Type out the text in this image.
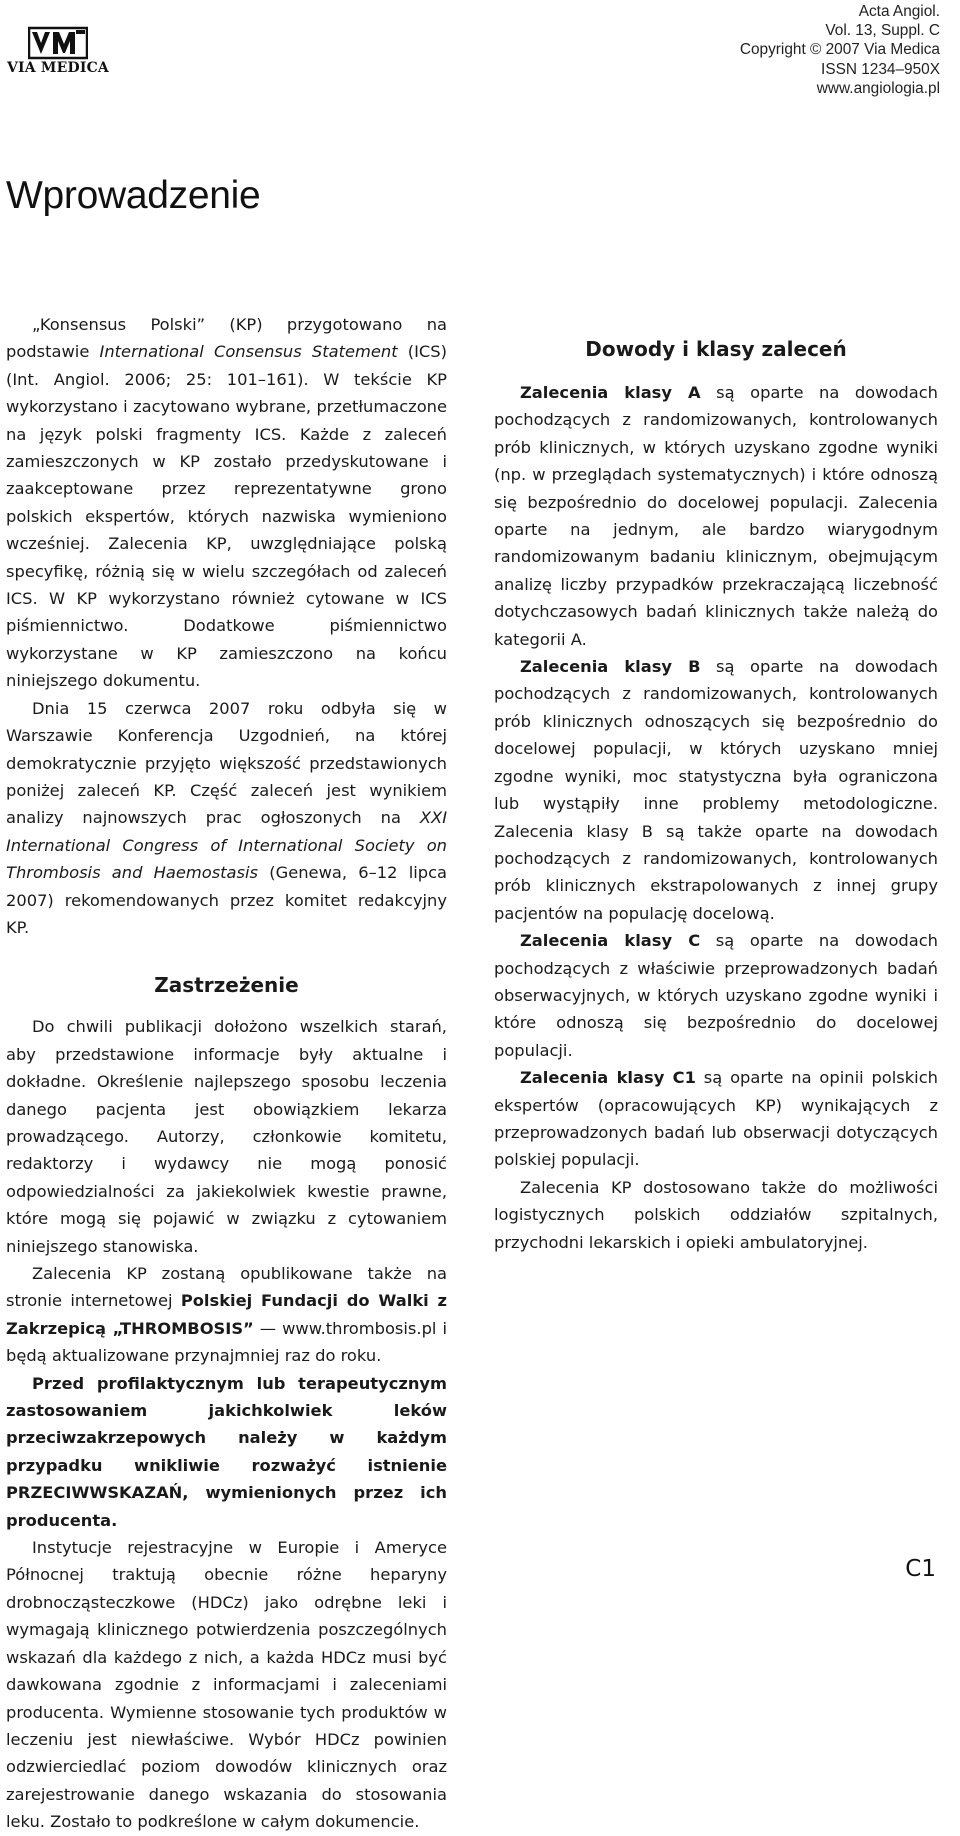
VIA MEDICA
Acta Angiol.
Vol. 13, Suppl. C
Copyright © 2007 Via Medica
ISSN 1234–950X
www.angiologia.pl
Wprowadzenie

„Konsensus Polski” (KP) przygotowano na podstawie International Consensus Statement (ICS) (Int. Angiol. 2006; 25: 101–161). W tekście KP wykorzystano i zacytowano wybrane, przetłumaczone na język polski fragmenty ICS. Każde z zaleceń zamieszczonych w KP zostało przedyskutowane i zaakceptowane przez reprezentatywne grono polskich ekspertów, których nazwiska wymieniono wcześniej. Zalecenia KP, uwzględniające polską specyfikę, różnią się w wielu szczegółach od zaleceń ICS. W KP wykorzystano również cytowane w ICS piśmiennictwo. Dodatkowe piśmiennictwo wykorzystane w KP zamieszczono na końcu niniejszego dokumentu.

Dnia 15 czerwca 2007 roku odbyła się w Warszawie Konferencja Uzgodnień, na której demokratycznie przyjęto większość przedstawionych poniżej zaleceń KP. Część zaleceń jest wynikiem analizy najnowszych prac ogłoszonych na XXI International Congress of International Society on Thrombosis and Haemostasis (Genewa, 6–12 lipca 2007) rekomendowanych przez komitet redakcyjny KP.

Zastrzeżenie

Do chwili publikacji dołożono wszelkich starań, aby przedstawione informacje były aktualne i dokładne. Określenie najlepszego sposobu leczenia danego pacjenta jest obowiązkiem lekarza prowadzącego. Autorzy, członkowie komitetu, redaktorzy i wydawcy nie mogą ponosić odpowiedzialności za jakiekolwiek kwestie prawne, które mogą się pojawić w związku z cytowaniem niniejszego stanowiska.

Zalecenia KP zostaną opublikowane także na stronie internetowej Polskiej Fundacji do Walki z Zakrzepicą „THROMBOSIS” — www.thrombosis.pl i będą aktualizowane przynajmniej raz do roku.

Przed profilaktycznym lub terapeutycznym zastosowaniem jakichkolwiek leków przeciwzakrzepowych należy w każdym przypadku wnikliwie rozważyć istnienie PRZECIWWSKAZAŃ, wymienionych przez ich producenta.

Instytucje rejestracyjne w Europie i Ameryce Północnej traktują obecnie różne heparyny drobnocząsteczkowe (HDCz) jako odrębne leki i wymagają klinicznego potwierdzenia poszczególnych wskazań dla każdego z nich, a każda HDCz musi być dawkowana zgodnie z informacjami i zaleceniami producenta. Wymienne stosowanie tych produktów w leczeniu jest niewłaściwe. Wybór HDCz powinien odzwierciedlać poziom dowodów klinicznych oraz zarejestrowanie danego wskazania do stosowania leku. Zostało to podkreślone w całym dokumencie.

Dowody i klasy zaleceń

Zalecenia klasy A są oparte na dowodach pochodzących z randomizowanych, kontrolowanych prób klinicznych, w których uzyskano zgodne wyniki (np. w przeglądach systematycznych) i które odnoszą się bezpośrednio do docelowej populacji. Zalecenia oparte na jednym, ale bardzo wiarygodnym randomizowanym badaniu klinicznym, obejmującym analizę liczby przypadków przekraczającą liczebność dotychczasowych badań klinicznych także należą do kategorii A.

Zalecenia klasy B są oparte na dowodach pochodzących z randomizowanych, kontrolowanych prób klinicznych odnoszących się bezpośrednio do docelowej populacji, w których uzyskano mniej zgodne wyniki, moc statystyczna była ograniczona lub wystąpiły inne problemy metodologiczne. Zalecenia klasy B są także oparte na dowodach pochodzących z randomizowanych, kontrolowanych prób klinicznych ekstrapolowanych z innej grupy pacjentów na populację docelową.

Zalecenia klasy C są oparte na dowodach pochodzących z właściwie przeprowadzonych badań obserwacyjnych, w których uzyskano zgodne wyniki i które odnoszą się bezpośrednio do docelowej populacji.

Zalecenia klasy C1 są oparte na opinii polskich ekspertów (opracowujących KP) wynikających z przeprowadzonych badań lub obserwacji dotyczących polskiej populacji.

Zalecenia KP dostosowano także do możliwości logistycznych polskich oddziałów szpitalnych, przychodni lekarskich i opieki ambulatoryjnej.

C1
